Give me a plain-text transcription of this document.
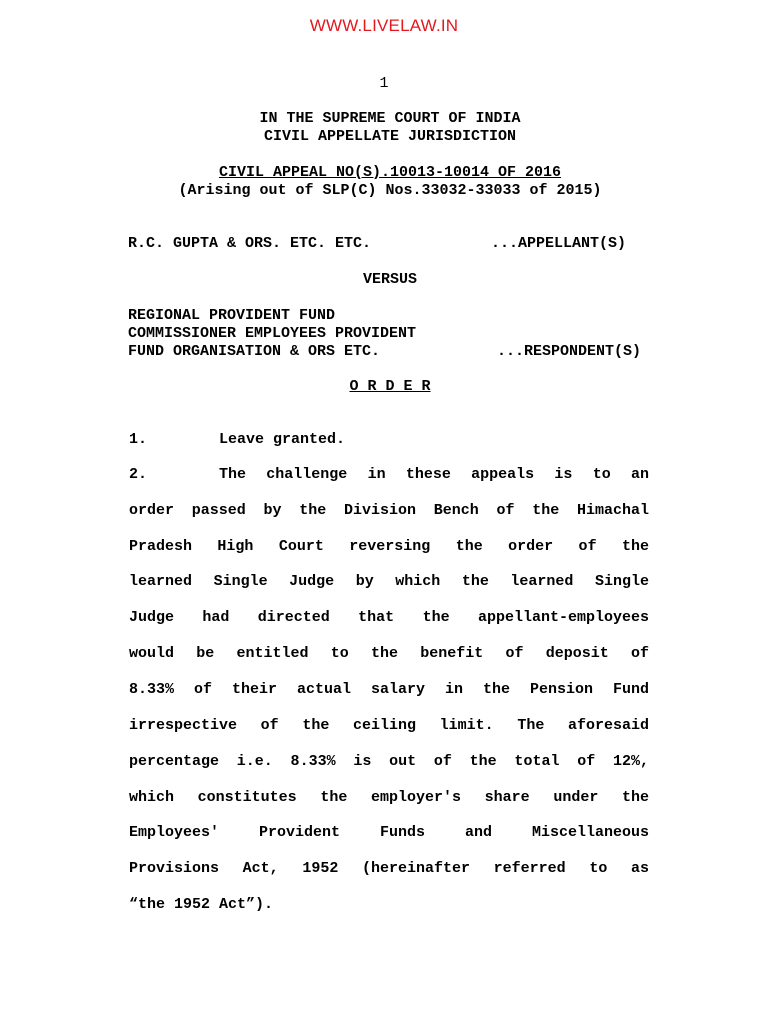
WWW.LIVELAW.IN
1
IN THE SUPREME COURT OF INDIA
CIVIL APPELLATE JURISDICTION
CIVIL APPEAL NO(S).10013-10014 OF 2016
(Arising out of SLP(C) Nos.33032-33033 of 2015)
R.C. GUPTA & ORS. ETC. ETC.	...APPELLANT(S)
VERSUS
REGIONAL PROVIDENT FUND
COMMISSIONER EMPLOYEES PROVIDENT
FUND ORGANISATION & ORS ETC.	...RESPONDENT(S)
O R D E R
1.	Leave granted.
2.	The challenge in these appeals is to an
order passed by the Division Bench of the Himachal
Pradesh High Court reversing the order of the
learned Single Judge by which the learned Single
Judge had directed that the appellant-employees
would be entitled to the benefit of deposit of
8.33% of their actual salary in the Pension Fund
irrespective of the ceiling limit. The aforesaid
percentage i.e. 8.33% is out of the total of 12%,
which constitutes the employer's share under the
Employees' Provident Funds and Miscellaneous
Provisions Act, 1952 (hereinafter referred to as
“the 1952 Act”).
